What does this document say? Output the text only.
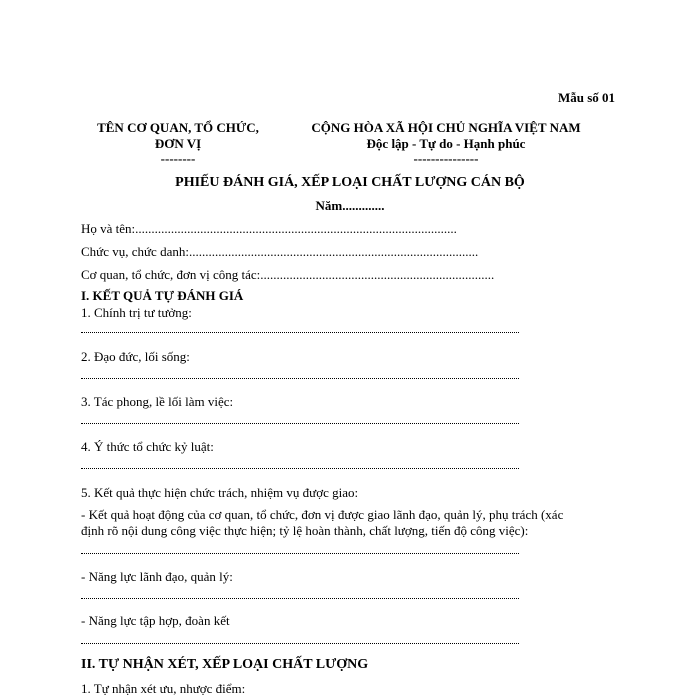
Mẫu số 01
TÊN CƠ QUAN, TỔ CHỨC,
ĐƠN VỊ
--------
CỘNG HÒA XÃ HỘI CHỦ NGHĨA VIỆT NAM
Độc lập - Tự do - Hạnh phúc
---------------
PHIẾU ĐÁNH GIÁ, XẾP LOẠI CHẤT LƯỢNG CÁN BỘ
Năm.............
Họ và tên:...................................................................................................
Chức vụ, chức danh:.........................................................................................
Cơ quan, tổ chức, đơn vị công tác:........................................................................
I. KẾT QUẢ TỰ ĐÁNH GIÁ
1. Chính trị tư tưởng:
2. Đạo đức, lối sống:
3. Tác phong, lề lối làm việc:
4. Ý thức tổ chức kỷ luật:
5. Kết quả thực hiện chức trách, nhiệm vụ được giao:
- Kết quả hoạt động của cơ quan, tổ chức, đơn vị được giao lãnh đạo, quản lý, phụ trách (xác
định rõ nội dung công việc thực hiện; tỷ lệ hoàn thành, chất lượng, tiến độ công việc):
- Năng lực lãnh đạo, quản lý:
- Năng lực tập hợp, đoàn kết
II. TỰ NHẬN XÉT, XẾP LOẠI CHẤT LƯỢNG
1. Tự nhận xét ưu, nhược điểm:
